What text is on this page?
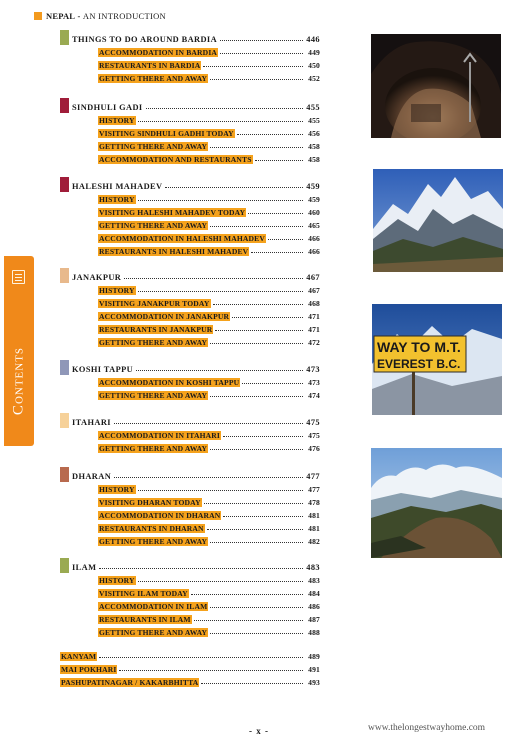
NEPAL - AN INTRODUCTION
Contents
THINGS TO DO AROUND BARDIA	446
ACCOMMODATION IN BARDIA	449
RESTAURANTS IN BARDIA	450
GETTING THERE AND AWAY	452
SINDHULI GADI	455
HISTORY	455
VISITING SINDHULI GADHI TODAY	456
GETTING THERE AND AWAY	458
ACCOMMODATION AND RESTAURANTS	458
HALESHI MAHADEV	459
HISTORY	459
VISITING HALESHI MAHADEV TODAY	460
GETTING THERE AND AWAY	465
ACCOMMODATION IN HALESHI MAHADEV	466
RESTAURANTS IN HALESHI MAHADEV	466
JANAKPUR	467
HISTORY	467
VISITING JANAKPUR TODAY	468
ACCOMMODATION IN JANAKPUR	471
RESTAURANTS IN JANAKPUR	471
GETTING THERE AND AWAY	472
KOSHI TAPPU	473
ACCOMMODATION IN KOSHI TAPPU	473
GETTING THERE AND AWAY	474
ITAHARI	475
ACCOMMODATION IN ITAHARI	475
GETTING THERE AND AWAY	476
DHARAN	477
HISTORY	477
VISITING DHARAN TODAY	478
ACCOMMODATION IN DHARAN	481
RESTAURANTS IN DHARAN	481
GETTING THERE AND AWAY	482
ILAM	483
HISTORY	483
VISITING ILAM TODAY	484
ACCOMMODATION IN ILAM	486
RESTAURANTS IN ILAM	487
GETTING THERE AND AWAY	488
KANYAM	489
MAI POKHARI	491
PASHUPATINAGAR / KAKARBHITTA	493
WAY TO M.T.
EVEREST B.C.
- x -	www.thelongestwayhome.com
